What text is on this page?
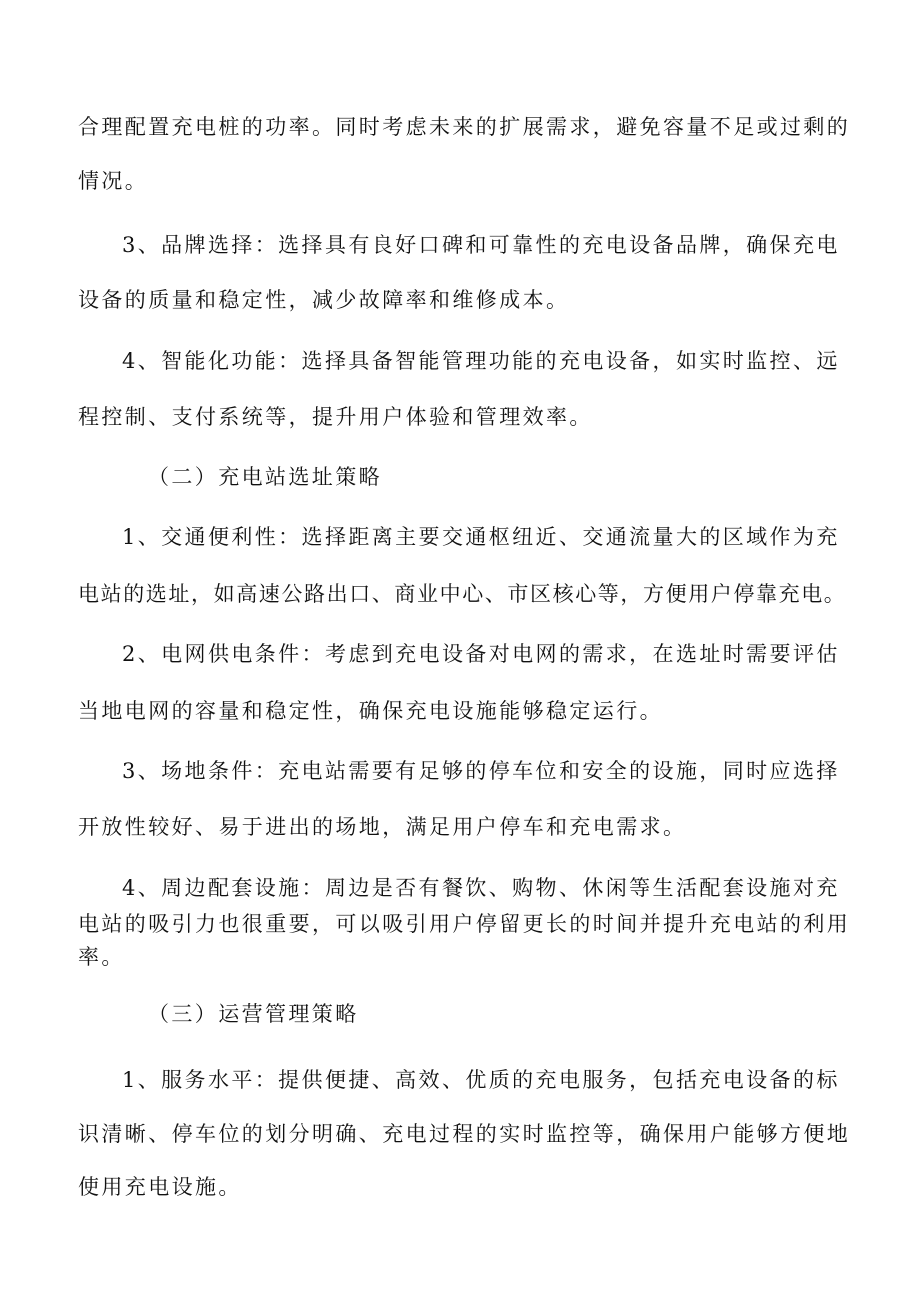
合理配置充电桩的功率。同时考虑未来的扩展需求，避免容量不足或过剩的
情况。
3、品牌选择：选择具有良好口碑和可靠性的充电设备品牌，确保充电
设备的质量和稳定性，减少故障率和维修成本。
4、智能化功能：选择具备智能管理功能的充电设备，如实时监控、远
程控制、支付系统等，提升用户体验和管理效率。
（二）充电站选址策略
1、交通便利性：选择距离主要交通枢纽近、交通流量大的区域作为充
电站的选址，如高速公路出口、商业中心、市区核心等，方便用户停靠充电。
2、电网供电条件：考虑到充电设备对电网的需求，在选址时需要评估
当地电网的容量和稳定性，确保充电设施能够稳定运行。
3、场地条件：充电站需要有足够的停车位和安全的设施，同时应选择
开放性较好、易于进出的场地，满足用户停车和充电需求。
4、周边配套设施：周边是否有餐饮、购物、休闲等生活配套设施对充
电站的吸引力也很重要，可以吸引用户停留更长的时间并提升充电站的利用
率。
（三）运营管理策略
1、服务水平：提供便捷、高效、优质的充电服务，包括充电设备的标
识清晰、停车位的划分明确、充电过程的实时监控等，确保用户能够方便地
使用充电设施。
